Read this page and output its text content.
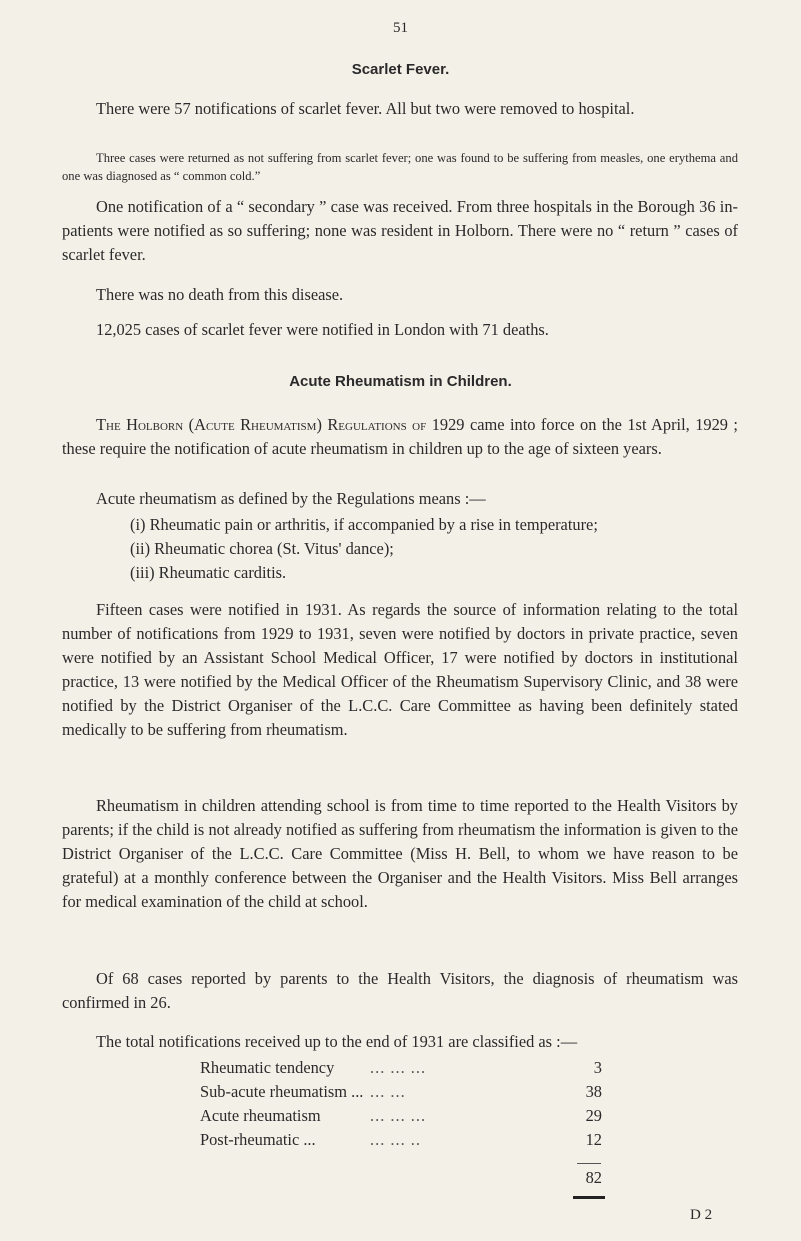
51
Scarlet Fever.
There were 57 notifications of scarlet fever. All but two were removed to hospital.
Three cases were returned as not suffering from scarlet fever; one was found to be suffering from measles, one erythema and one was diagnosed as “ common cold.”
One notification of a “ secondary ” case was received. From three hospitals in the Borough 36 in-patients were notified as so suffering; none was resident in Holborn. There were no “ return ” cases of scarlet fever.
There was no death from this disease.
12,025 cases of scarlet fever were notified in London with 71 deaths.
Acute Rheumatism in Children.
The Holborn (Acute Rheumatism) Regulations of 1929 came into force on the 1st April, 1929 ; these require the notification of acute rheumatism in children up to the age of sixteen years.
Acute rheumatism as defined by the Regulations means :—
(i) Rheumatic pain or arthritis, if accompanied by a rise in temperature;
(ii) Rheumatic chorea (St. Vitus' dance);
(iii) Rheumatic carditis.
Fifteen cases were notified in 1931. As regards the source of information relating to the total number of notifications from 1929 to 1931, seven were notified by doctors in private practice, seven were notified by an Assistant School Medical Officer, 17 were notified by doctors in institutional practice, 13 were notified by the Medical Officer of the Rheumatism Supervisory Clinic, and 38 were notified by the District Organiser of the L.C.C. Care Committee as having been definitely stated medically to be suffering from rheumatism.
Rheumatism in children attending school is from time to time reported to the Health Visitors by parents; if the child is not already notified as suffering from rheumatism the information is given to the District Organiser of the L.C.C. Care Committee (Miss H. Bell, to whom we have reason to be grateful) at a monthly conference between the Organiser and the Health Visitors. Miss Bell arranges for medical examination of the child at school.
Of 68 cases reported by parents to the Health Visitors, the diagnosis of rheumatism was confirmed in 26.
The total notifications received up to the end of 1931 are classified as :—
Rheumatic tendency ... ... ...	3
Sub-acute rheumatism ... ... ...	38
Acute rheumatism	... ... ...	29
Post-rheumatic ...	... ... ..	12
82
D 2
